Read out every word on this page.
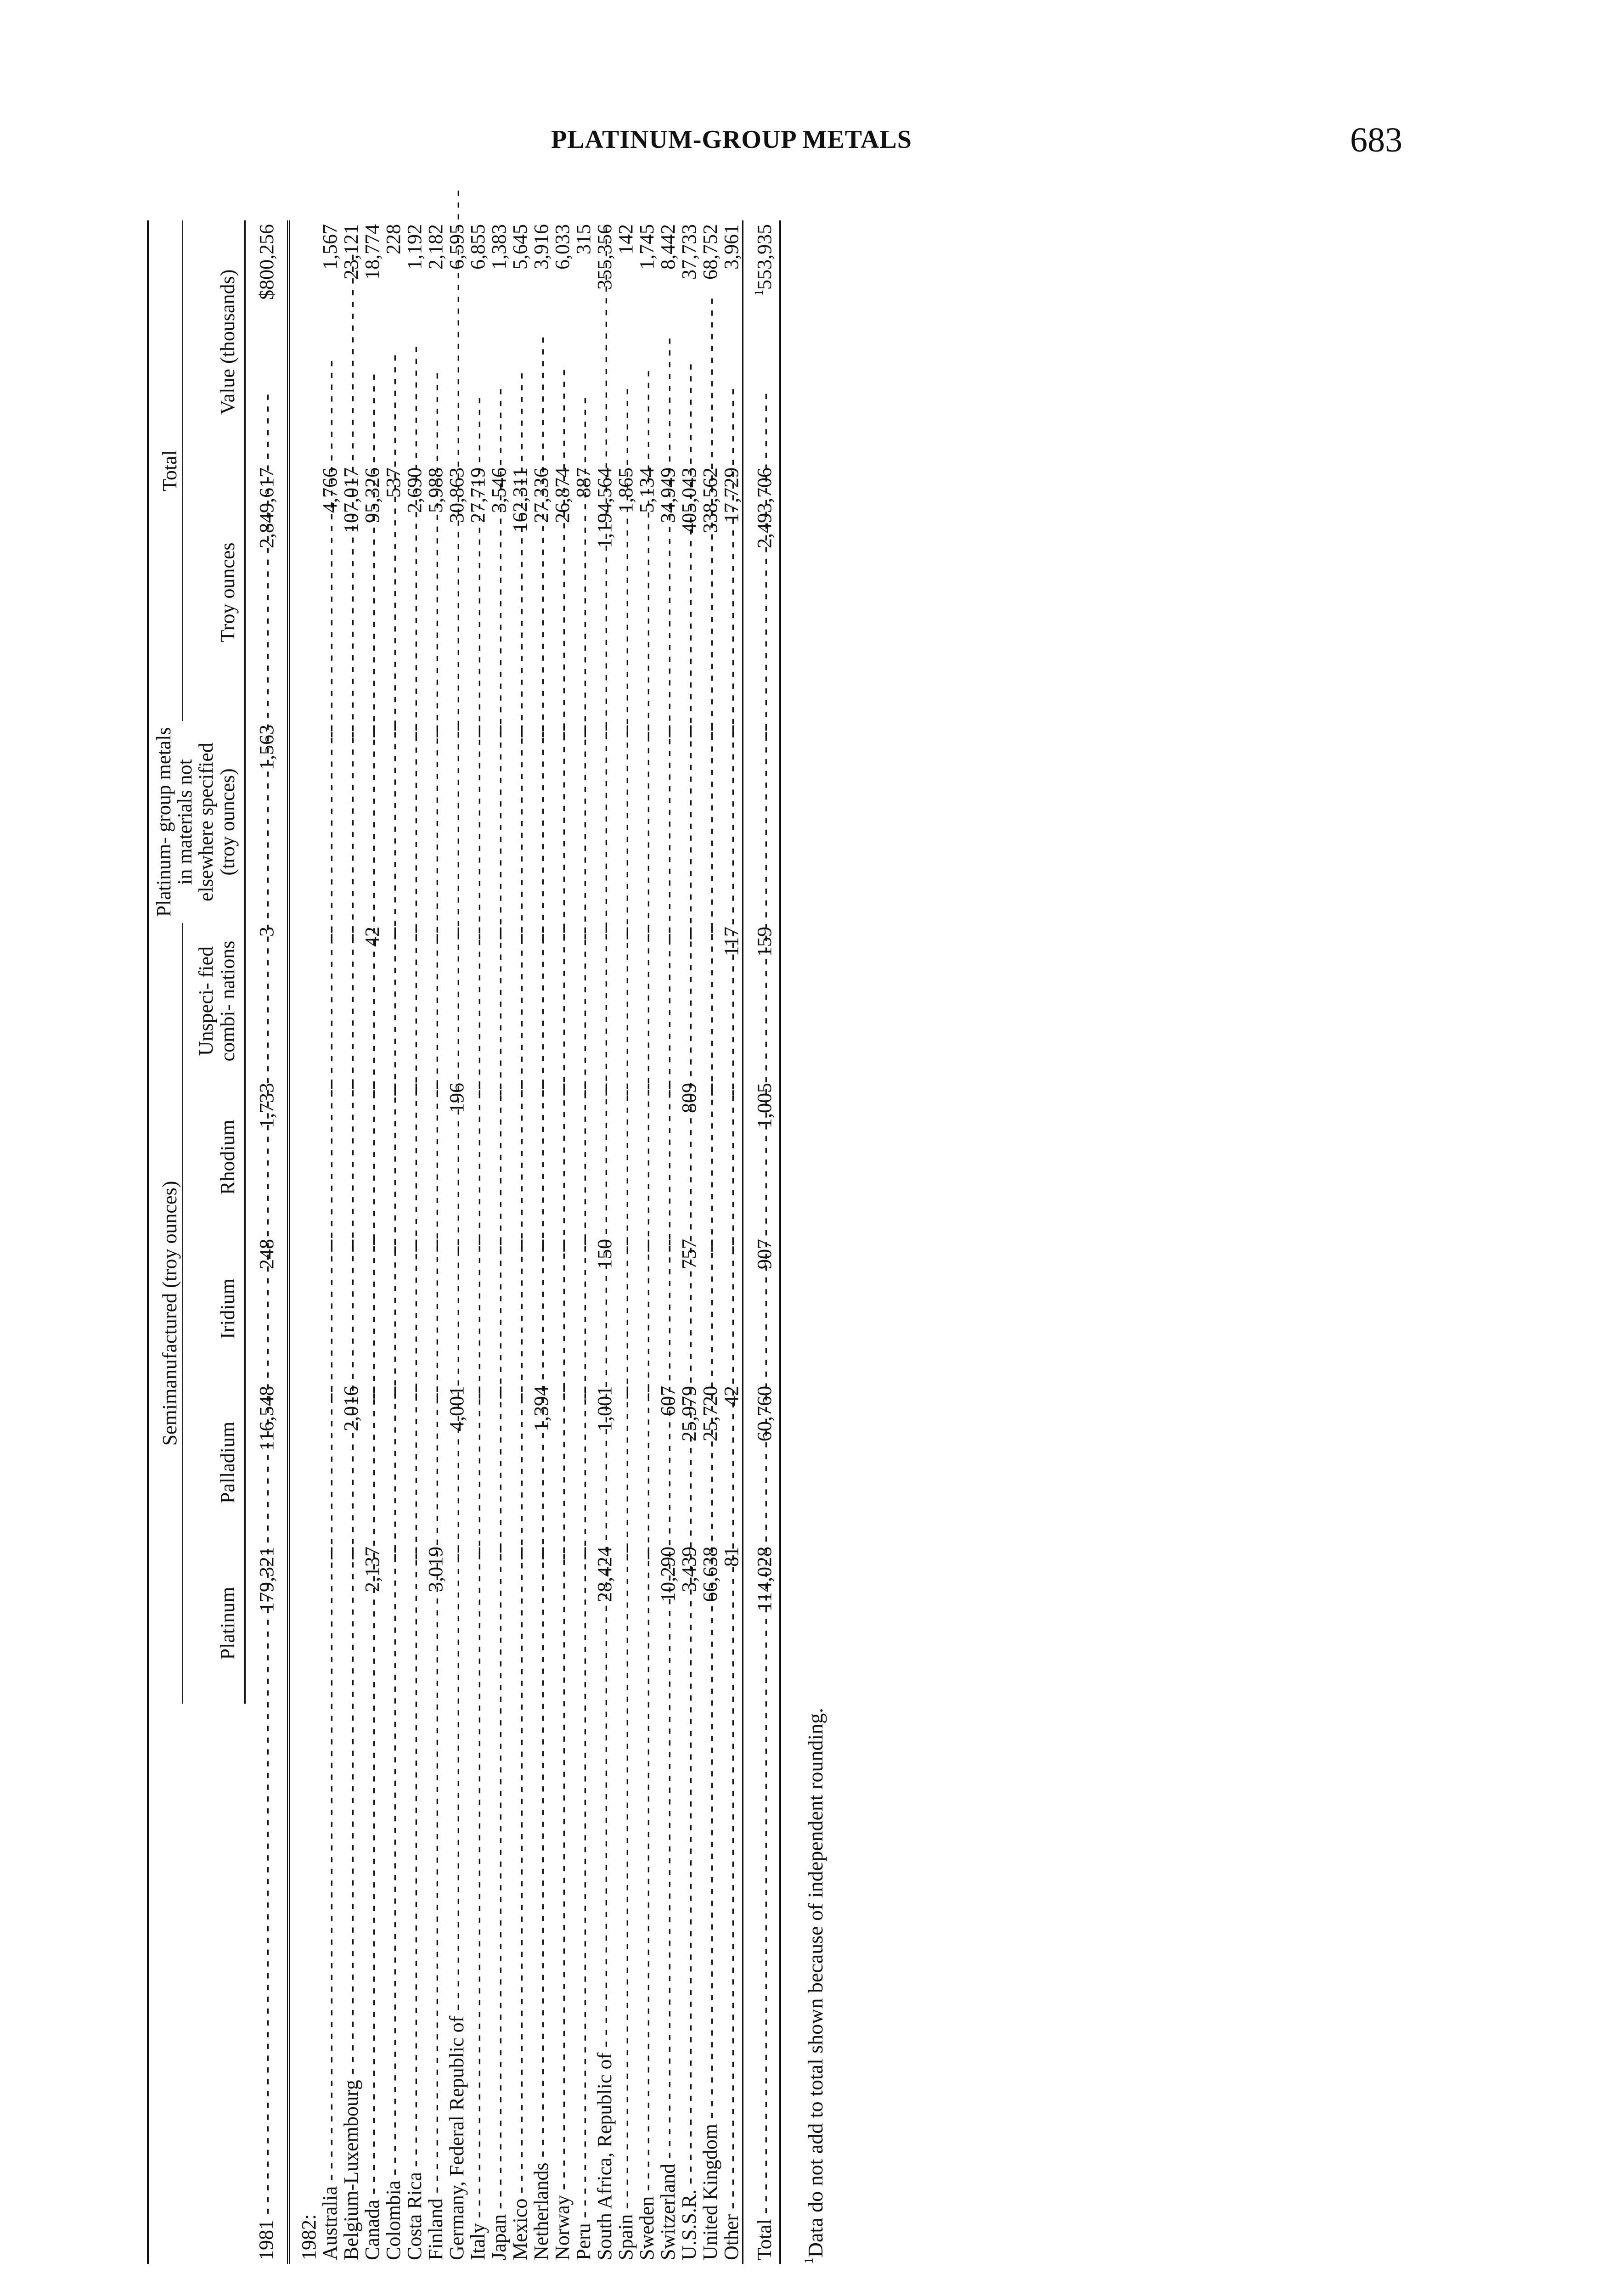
PLATINUM-GROUP METALS	683
	Semimanufactured (troy ounces)					Platinum- group metals in materials not elsewhere specified (troy ounces)	Total	
	Platinum	Palladium	Iridium	Rhodium	Unspeci- fied combi- nations		Troy ounces	Value (thousands)

1981 - - -	179,321	116,548	248	1,733	3	1,563	2,849,617	$800,256
1982:								

Australia - - -	--	--	--	--	--	--	4,766	1,567

Belgium-Luxembourg - - -	--	2,016	--	--	--	--	107,017	23,121

Canada - - -	2,137	--	--	--	42	--	95,326	18,774

Colombia - - -	--	--	--	--	--	--	537	228

Costa Rica - - -	--	--	--	--	--	--	2,690	1,192

Finland - - -	3,019	--	--	--	--	--	5,988	2,182

Germany, Federal Republic of - - -	--	4,001	--	196	--	--	30,863	6,595

Italy - - -	--	--	--	--	--	--	27,719	6,855

Japan - - -	--	--	--	--	--	--	3,546	1,383

Mexico - - -	--	--	--	--	--	--	162,311	5,645

Netherlands - - -	--	1,394	--	--	--	--	27,336	3,916

Norway - - -	--	--	--	--	--	--	26,874	6,033

Peru - - -	--	--	--	--	--	--	887	315

South Africa, Republic of - - -	28,424	1,001	150	--	--	--	1,194,564	355,356

Spain - - -	--	--	--	--	--	--	1,865	142

Sweden - - -	--	--	--	--	--	--	5,134	1,745

Switzerland - - -	10,290	607	--	--	--	--	34,949	8,442

U.S.S.R. - - -	3,439	25,979	757	809	--	--	405,043	37,733

United Kingdom - - -	66,638	25,720	--	--	--	--	338,562	68,752

Other - - -	81	42	--	--	117	--	17,729	3,961

Total - - -	114,028	60,760	907	1,005	159	--	2,493,706	$^1$553,935

$^1$Data do not add to total shown because of independent rounding.
